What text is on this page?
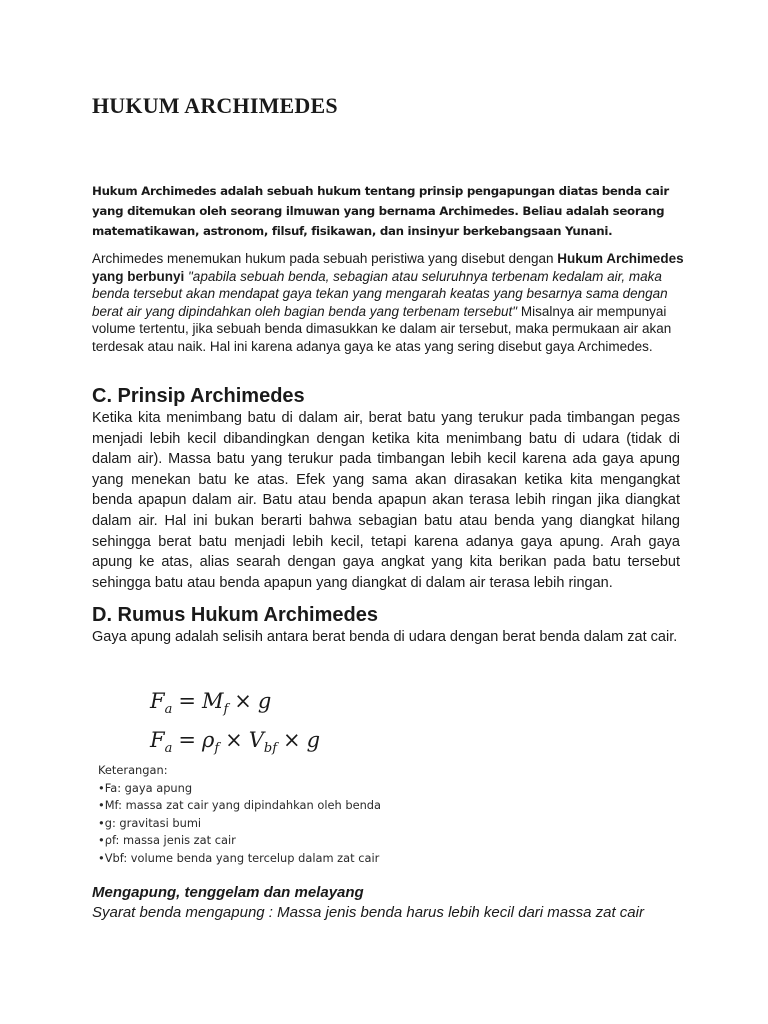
HUKUM ARCHIMEDES

Hukum Archimedes adalah sebuah hukum tentang prinsip pengapungan diatas benda cair yang ditemukan oleh seorang ilmuwan yang bernama Archimedes. Beliau adalah seorang matematikawan, astronom, filsuf, fisikawan, dan insinyur berkebangsaan Yunani.

Archimedes menemukan hukum pada sebuah peristiwa yang disebut dengan Hukum Archimedes yang berbunyi "apabila sebuah benda, sebagian atau seluruhnya terbenam kedalam air, maka benda tersebut akan mendapat gaya tekan yang mengarah keatas yang besarnya sama dengan berat air yang dipindahkan oleh bagian benda yang terbenam tersebut" Misalnya air mempunyai volume tertentu, jika sebuah benda dimasukkan ke dalam air tersebut, maka permukaan air akan terdesak atau naik. Hal ini karena adanya gaya ke atas yang sering disebut gaya Archimedes.

C. Prinsip Archimedes

Ketika kita menimbang batu di dalam air, berat batu yang terukur pada timbangan pegas menjadi lebih kecil dibandingkan dengan ketika kita menimbang batu di udara (tidak di dalam air). Massa batu yang terukur pada timbangan lebih kecil karena ada gaya apung yang menekan batu ke atas. Efek yang sama akan dirasakan ketika kita mengangkat benda apapun dalam air. Batu atau benda apapun akan terasa lebih ringan jika diangkat dalam air. Hal ini bukan berarti bahwa sebagian batu atau benda yang diangkat hilang sehingga berat batu menjadi lebih kecil, tetapi karena adanya gaya apung. Arah gaya apung ke atas, alias searah dengan gaya angkat yang kita berikan pada batu tersebut sehingga batu atau benda apapun yang diangkat di dalam air terasa lebih ringan.

D. Rumus Hukum Archimedes

Gaya apung adalah selisih antara berat benda di udara dengan berat benda dalam zat cair.

$F_a = M_f \times g$
$F_a = \rho_f \times V_{bf} \times g$
Keterangan:
• Fa: gaya apung
• Mf: massa zat cair yang dipindahkan oleh benda
• g: gravitasi bumi
• ρf: massa jenis zat cair
• Vbf: volume benda yang tercelup dalam zat cair

Mengapung, tenggelam dan melayang

Syarat benda mengapung : Massa jenis benda harus lebih kecil dari massa zat cair
